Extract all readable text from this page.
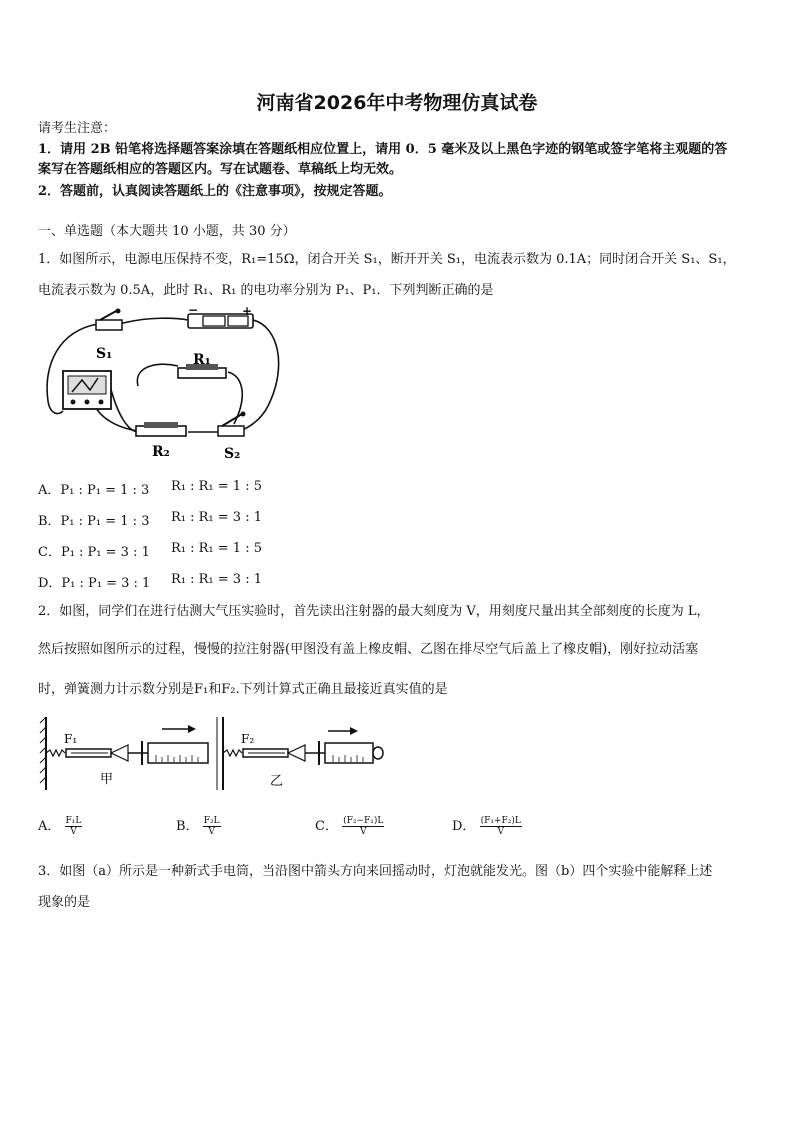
河南省2026年中考物理仿真试卷
请考生注意：
1．请用 2B 铅笔将选择题答案涂填在答题纸相应位置上，请用 0．5 毫米及以上黑色字迹的钢笔或签字笔将主观题的答
案写在答题纸相应的答题区内。写在试题卷、草稿纸上均无效。
2．答题前，认真阅读答题纸上的《注意事项》，按规定答题。
一、单选题（本大题共 10 小题，共 30 分）
1．如图所示，电源电压保持不变，R₁=15Ω，闭合开关 S₁，断开开关 S₁，电流表示数为 0.1A；同时闭合开关 S₁、S₁，
电流表示数为 0.5A，此时 R₁、R₁ 的电功率分别为 P₁、P₁．下列判断正确的是
S₁	R₁
R₂	S₂
−	+
A．P₁ : P₁ = 1 : 3 R₁ : R₁ = 1 : 5
B．P₁ : P₁ = 1 : 3 R₁ : R₁ = 3 : 1
C．P₁ : P₁ = 3 : 1 R₁ : R₁ = 1 : 5
D．P₁ : P₁ = 3 : 1 R₁ : R₁ = 3 : 1
2．如图，同学们在进行估测大气压实验时，首先读出注射器的最大刻度为 V，用刻度尺量出其全部刻度的长度为 L，
然后按照如图所示的过程，慢慢的拉注射器(甲图没有盖上橡皮帽、乙图在排尽空气后盖上了橡皮帽)，刚好拉动活塞
时，弹簧测力计示数分别是F₁和F₂.下列计算式正确且最接近真实值的是
F₁
甲
F₂
乙
A． $\frac{\text{F₁L}}{V}$	B． $\frac{\text{F₂L}}{V}$	C． $\frac{\text{(F₂−F₁)L}}{V}$	D． $\frac{\text{(F₁+F₂)L}}{V}$
3．如图（a）所示是一种新式手电筒，当沿图中箭头方向来回摇动时，灯泡就能发光。图（b）四个实验中能解释上述
现象的是
